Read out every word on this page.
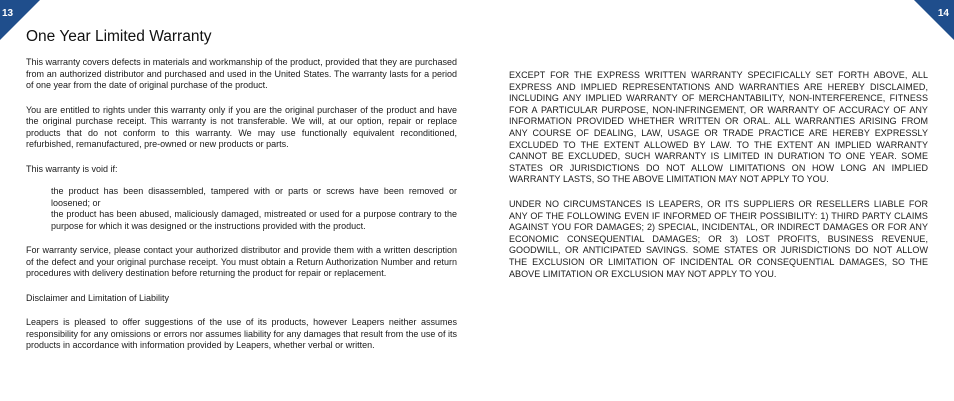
13	14
One Year Limited Warranty

This warranty covers defects in materials and workmanship of the product, provided that they are purchased from an authorized distributor and purchased and used in the United States. The warranty lasts for a period of one year from the date of original purchase of the product.

You are entitled to rights under this warranty only if you are the original purchaser of the product and have the original purchase receipt. This warranty is not transferable. We will, at our option, repair or replace products that do not conform to this warranty. We may use functionally equivalent reconditioned, refurbished, remanufactured, pre-owned or new products or parts.

This warranty is void if:

the product has been disassembled, tampered with or parts or screws have been removed or loosened; or
the product has been abused, maliciously damaged, mistreated or used for a purpose contrary to the purpose for which it was designed or the instructions provided with the product.

For warranty service, please contact your authorized distributor and provide them with a written description of the defect and your original purchase receipt. You must obtain a Return Authorization Number and return procedures with delivery destination before returning the product for repair or replacement.

Disclaimer and Limitation of Liability

Leapers is pleased to offer suggestions of the use of its products, however Leapers neither assumes responsibility for any omissions or errors nor assumes liability for any damages that result from the use of its products in accordance with information provided by Leapers, whether verbal or written.

EXCEPT FOR THE EXPRESS WRITTEN WARRANTY SPECIFICALLY SET FORTH ABOVE, ALL EXPRESS AND IMPLIED REPRESENTATIONS AND WARRANTIES ARE HEREBY DISCLAIMED, INCLUDING ANY IMPLIED WARRANTY OF MERCHANTABILITY, NON-INTERFERENCE, FITNESS FOR A PARTICULAR PURPOSE, NON-INFRINGEMENT, OR WARRANTY OF ACCURACY OF ANY INFORMATION PROVIDED WHETHER WRITTEN OR ORAL. ALL WARRANTIES ARISING FROM ANY COURSE OF DEALING, LAW, USAGE OR TRADE PRACTICE ARE HEREBY EXPRESSLY EXCLUDED TO THE EXTENT ALLOWED BY LAW. TO THE EXTENT AN IMPLIED WARRANTY CANNOT BE EXCLUDED, SUCH WARRANTY IS LIMITED IN DURATION TO ONE YEAR. SOME STATES OR JURISDICTIONS DO NOT ALLOW LIMITATIONS ON HOW LONG AN IMPLIED WARRANTY LASTS, SO THE ABOVE LIMITATION MAY NOT APPLY TO YOU.

UNDER NO CIRCUMSTANCES IS LEAPERS, OR ITS SUPPLIERS OR RESELLERS LIABLE FOR ANY OF THE FOLLOWING EVEN IF INFORMED OF THEIR POSSIBILITY: 1) THIRD PARTY CLAIMS AGAINST YOU FOR DAMAGES; 2) SPECIAL, INCIDENTAL, OR INDIRECT DAMAGES OR FOR ANY ECONOMIC CONSEQUENTIAL DAMAGES; OR 3) LOST PROFITS, BUSINESS REVENUE, GOODWILL, OR ANTICIPATED SAVINGS. SOME STATES OR JURISDICTIONS DO NOT ALLOW THE EXCLUSION OR LIMITATION OF INCIDENTAL OR CONSEQUENTIAL DAMAGES, SO THE ABOVE LIMITATION OR EXCLUSION MAY NOT APPLY TO YOU.
